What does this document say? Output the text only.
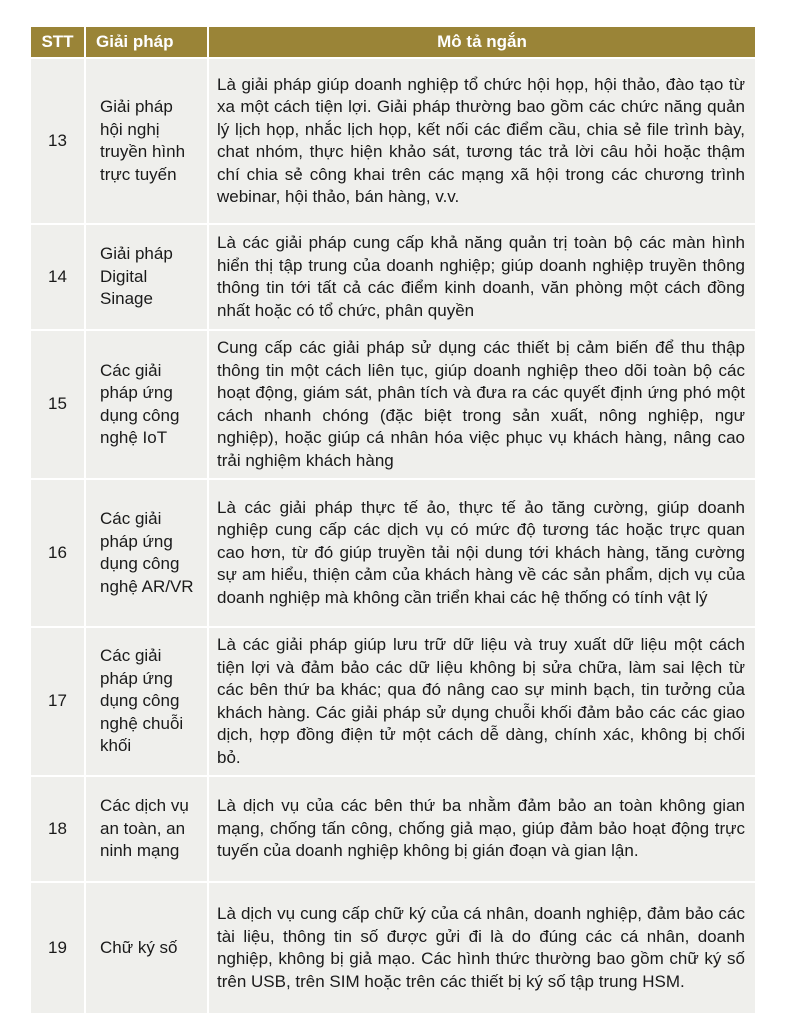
STT	Giải pháp	Mô tả ngắn
13	Giải pháp hội nghị truyền hình trực tuyến	Là giải pháp giúp doanh nghiệp tổ chức hội họp, hội thảo, đào tạo từ xa một cách tiện lợi. Giải pháp thường bao gồm các chức năng quản lý lịch họp, nhắc lịch họp, kết nối các điểm cầu, chia sẻ file trình bày, chat nhóm, thực hiện khảo sát, tương tác trả lời câu hỏi hoặc thậm chí chia sẻ công khai trên các mạng xã hội trong các chương trình webinar, hội thảo, bán hàng, v.v.
14	Giải pháp Digital Sinage	Là các giải pháp cung cấp khả năng quản trị toàn bộ các màn hình hiển thị tập trung của doanh nghiệp; giúp doanh nghiệp truyền thông thông tin tới tất cả các điểm kinh doanh, văn phòng một cách đồng nhất hoặc có tổ chức, phân quyền
15	Các giải pháp ứng dụng công nghệ IoT	Cung cấp các giải pháp sử dụng các thiết bị cảm biến để thu thập thông tin một cách liên tục, giúp doanh nghiệp theo dõi toàn bộ các hoạt động, giám sát, phân tích và đưa ra các quyết định ứng phó một cách nhanh chóng (đặc biệt trong sản xuất, nông nghiệp, ngư nghiệp), hoặc giúp cá nhân hóa việc phục vụ khách hàng, nâng cao trải nghiệm khách hàng
16	Các giải pháp ứng dụng công nghệ AR/VR	Là các giải pháp thực tế ảo, thực tế ảo tăng cường, giúp doanh nghiệp cung cấp các dịch vụ có mức độ tương tác hoặc trực quan cao hơn, từ đó giúp truyền tải nội dung tới khách hàng, tăng cường sự am hiểu, thiện cảm của khách hàng về các sản phẩm, dịch vụ của doanh nghiệp mà không cần triển khai các hệ thống có tính vật lý
17	Các giải pháp ứng dụng công nghệ chuỗi khối	Là các giải pháp giúp lưu trữ dữ liệu và truy xuất dữ liệu một cách tiện lợi và đảm bảo các dữ liệu không bị sửa chữa, làm sai lệch từ các bên thứ ba khác; qua đó nâng cao sự minh bạch, tin tưởng của khách hàng. Các giải pháp sử dụng chuỗi khối đảm bảo các các giao dịch, hợp đồng điện tử một cách dễ dàng, chính xác, không bị chối bỏ.
18	Các dịch vụ an toàn, an ninh mạng	Là dịch vụ của các bên thứ ba nhằm đảm bảo an toàn không gian mạng, chống tấn công, chống giả mạo, giúp đảm bảo hoạt động trực tuyến của doanh nghiệp không bị gián đoạn và gian lận.
19	Chữ ký số	Là dịch vụ cung cấp chữ ký của cá nhân, doanh nghiệp, đảm bảo các tài liệu, thông tin số được gửi đi là do đúng các cá nhân, doanh nghiệp, không bị giả mạo. Các hình thức thường bao gồm chữ ký số trên USB, trên SIM hoặc trên các thiết bị ký số tập trung HSM.
